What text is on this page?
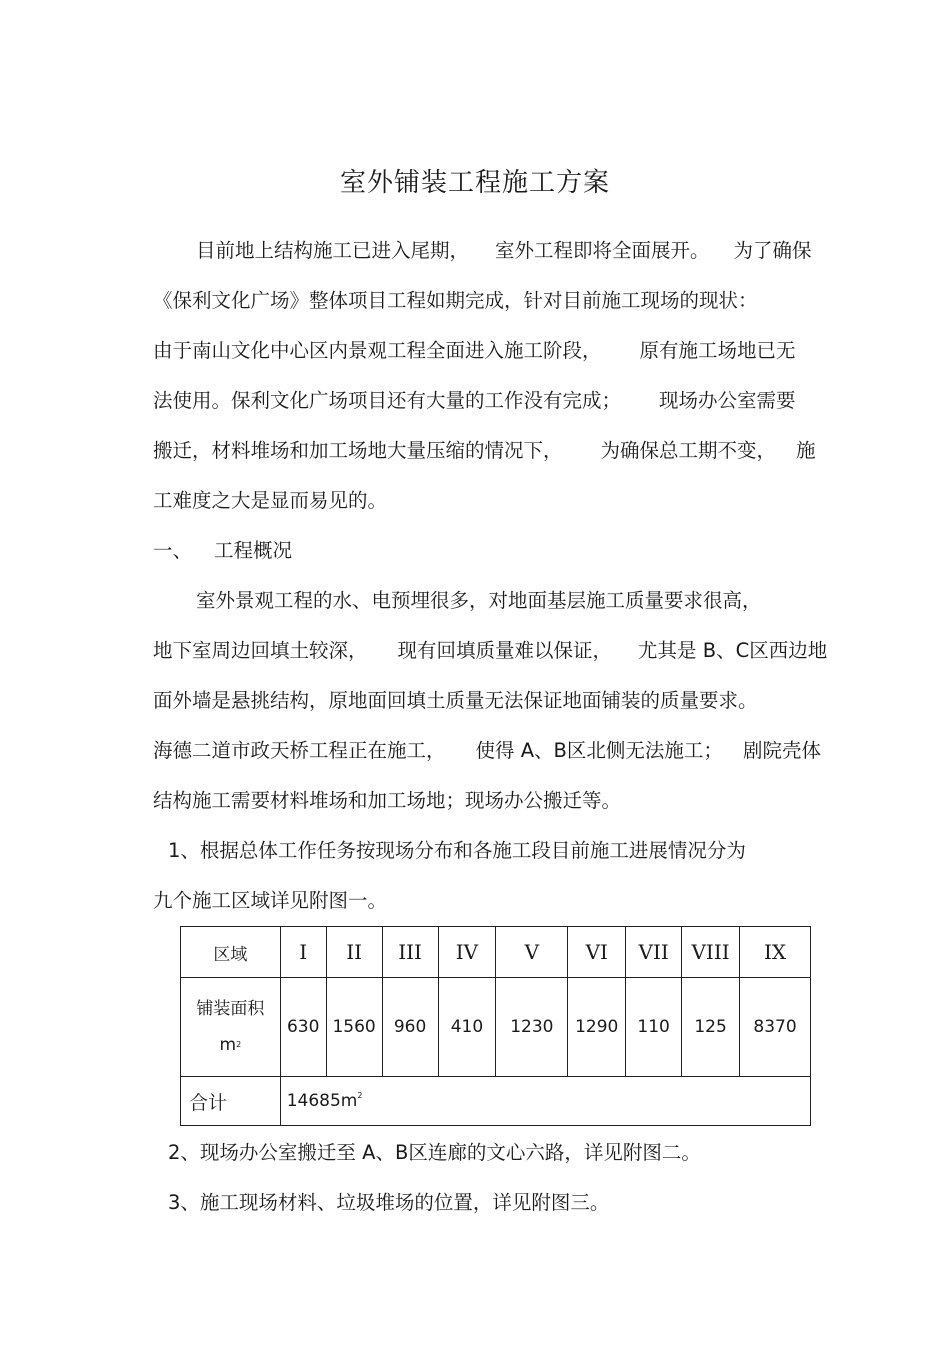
室外铺装工程施工方案
目前地上结构施工已进入尾期， 室外工程即将全面展开。 为了确保
《保利文化广场》整体项目工程如期完成，针对目前施工现场的现状：
由于南山文化中心区内景观工程全面进入施工阶段， 原有施工场地已无
法使用。保利文化广场项目还有大量的工作没有完成； 现场办公室需要
搬迁，材料堆场和加工场地大量压缩的情况下， 为确保总工期不变， 施
工难度之大是显而易见的。
一、 工程概况
室外景观工程的水、电预埋很多，对地面基层施工质量要求很高，
地下室周边回填土较深， 现有回填质量难以保证， 尤其是 B、C区西边地
面外墙是悬挑结构，原地面回填土质量无法保证地面铺装的质量要求。
海德二道市政天桥工程正在施工， 使得 A、B区北侧无法施工； 剧院壳体
结构施工需要材料堆场和加工场地；现场办公搬迁等。
1、根据总体工作任务按现场分布和各施工段目前施工进展情况分为
九个施工区域详见附图一。
区域	I	II	III	IV	V	VI	VII	VIII	IX

铺装面积
$m^2$	630	1560	960	410	1230	1290	110	125	8370
合计	$14685m^2$
2、现场办公室搬迁至 A、B区连廊的文心六路，详见附图二。
3、施工现场材料、垃圾堆场的位置，详见附图三。
